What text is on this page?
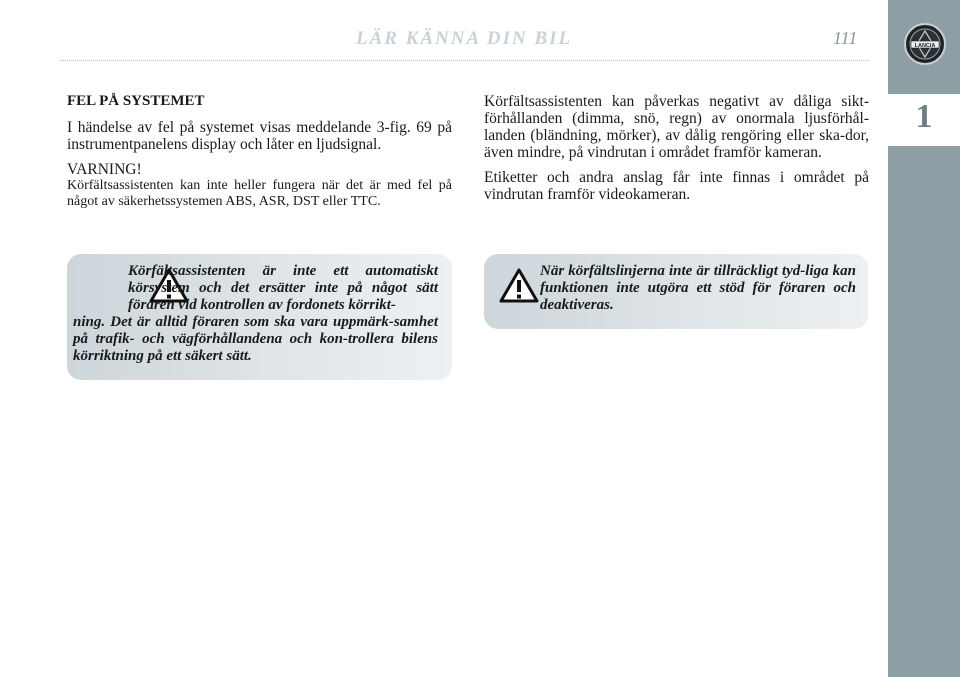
LÄR KÄNNA DIN BIL	111	LANCIA
1
FEL PÅ SYSTEMET

I händelse av fel på systemet visas meddelande 3-fig. 69 på instrumentpanelens display och låter en ljudsignal.

VARNING!

Körfältsassistenten kan inte heller fungera när det är med fel på något av säkerhetssystemen ABS, ASR, DST eller TTC.

Körfältsassistenten kan påverkas negativt av dåliga sikt-förhållanden (dimma, snö, regn) av onormala ljusförhål-landen (bländning, mörker), av dålig rengöring eller ska-dor, även mindre, på vindrutan i området framför kameran.

Etiketter och andra anslag får inte finnas i området på vindrutan framför videokameran.

Körfältsassistenten är inte ett automatiskt körsystem och det ersätter inte på något sätt föraren vid kontrollen av fordonets körrikt-
ning. Det är alltid föraren som ska vara uppmärk-samhet på trafik- och vägförhållandena och kon-trollera bilens körriktning på ett säkert sätt.
När körfältslinjerna inte är tillräckligt tyd-liga kan funktionen inte utgöra ett stöd för föraren och deaktiveras.
